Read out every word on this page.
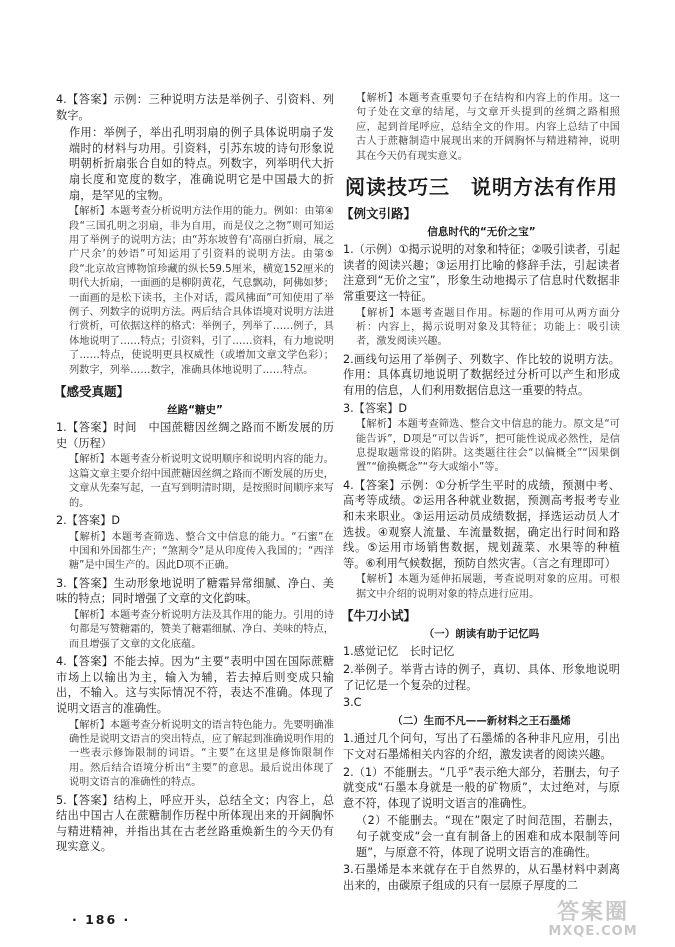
4.【答案】示例：三种说明方法是举例子、引资料、列数字。
作用：举例子，举出孔明羽扇的例子具体说明扇子发端时的材料与功用。引资料，引苏东坡的诗句形象说明朝析折扇张合自如的特点。列数字，列举明代大折扇长度和宽度的数字，准确说明它是中国最大的折扇，是罕见的宝物。
【解析】本题考查分析说明方法作用的能力。例如：由第④段“三国孔明之羽扇，非为自用，而是仪之之物”则可知运用了举例子的说明方法；由“苏东坡曾有‘高丽白折扇，展之广尺余’的妙语”可知运用了引资料的说明方法。由第⑤段“北京故宫博物馆珍藏的纵长59.5厘米，横宽152厘米的明代大折扇，一面画的是柳阴黄花，气息飘动，阿佛如梦；一面画的是松下读书，主仆对话，霞风拂面”可知使用了举例子、列数字的说明方法。两后结合具体语境对说明方法进行赏析，可依据这样的格式：举例子，列举了……例子，具体地说明了……特点；引资料，引了……资料，有力地说明了……特点，使说明更具权威性（或增加文章文学色彩）；列数字，列举……数字，准确具体地说明了……特点。
【感受真题】
丝路“糖史”
1.【答案】时间　中国蔗糖因丝绸之路而不断发展的历史（历程）
【解析】本题考查分析说明文说明顺序和说明内容的能力。这篇文章主要介绍中国蔗糖因丝绸之路而不断发展的历史，文章从先秦写起，一直写到明清时期，是按照时间顺序来写的。
2.【答案】D
【解析】本题考查筛选、整合文中信息的能力。“石蜜”在中国和外国都生产；“煞割令”是从印度传入我国的；“西洋糖”是中国生产的。因此D项不正确。
3.【答案】生动形象地说明了糖霜异常细腻、净白、美味的特点；同时增强了文章的文化韵味。
【解析】本题考查分析说明方法及其作用的能力。引用的诗句都是写赞糖霜的，赞美了糖霜细腻、净白、美味的特点，而且增强了文章的文化底蕴。
4.【答案】不能去掉。因为“主要”表明中国在国际蔗糖市场上以输出为主，输入为辅，若去掉后则变成只输出，不输入。这与实际情况不符，表达不准确。体现了说明文语言的准确性。
【解析】本题考查分析说明文的语言特色能力。先要明确准确性是说明文语言的突出特点，应了解起到准确说明作用的一些表示修饰限制的词语。“主要”在这里是修饰限制作用。然后结合语境分析出“主要”的意思。最后说出体现了说明文语言的准确性的特点。
5.【答案】结构上，呼应开头，总结全文；内容上，总结出中国古人在蔗糖制作历程中所体现出来的开阔胸怀与精进精神，并指出其在古老丝路重焕新生的今天仍有现实意义。
【解析】本题考查重要句子在结构和内容上的作用。这一句子处在文章的结尾，与文章开头提到的丝绸之路相照应，起到首尾呼应，总结全文的作用。内容上总结了中国古人于蔗糖制造中展现出来的开阔胸怀与精进精神，说明其在今天仍有现实意义。
阅读技巧三　说明方法有作用
【例文引路】
信息时代的“无价之宝”
1.（示例）①揭示说明的对象和特征；②吸引读者，引起读者的阅读兴趣；③运用打比喻的修辞手法，引起读者注意到“无价之宝”，形象生动地揭示了信息时代数据非常重要这一特征。
【解析】本题考查题目作用。标题的作用可从两方面分析：内容上，揭示说明对象及其特征；功能上：吸引读者，激发阅读兴趣。
2.画线句运用了举例子、列数字、作比较的说明方法。作用：具体真切地说明了数据经过分析可以产生和形成有用的信息，人们利用数据信息这一重要的特点。
3.【答案】D
【解析】本题考查筛选、整合文中信息的能力。原文是“可能告诉”，D项是“可以告诉”，把可能性说成必然性，是信息提取题常设的陷阱。这类题往往会“以偏概全”“因果倒置”“偷换概念”“夸大或缩小”等。
4.【答案】示例：①分析学生平时的成绩，预测中考、高考等成绩。②运用各种就业数据，预测高考报考专业和未来职业。③运用运动员成绩数据，择选运动员人才选拔。④观察人流量、车流量数据，确定出行时间和路线。⑤运用市场销售数据，规划蔬菜、水果等的种植等。⑥利用气候数据，预防自然灾害。（言之有理即可）
【解析】本题为延伸拓展题，考查说明对象的应用。可根据文中介绍的说明对象的特点进行应用。
【牛刀小试】
（一）朗读有助于记忆吗
1.感觉记忆　长时记忆
2.举例子。举背古诗的例子，真切、具体、形象地说明了记忆是一个复杂的过程。
3.C
（二）生而不凡——新材料之王石墨烯
1.通过几个问句，写出了石墨烯的各种非凡应用，引出下文对石墨烯相关内容的介绍，激发读者的阅读兴趣。
2.（1）不能删去。“几乎”表示绝大部分，若删去，句子就变成“石墨本身就是一般的矿物质”，太过绝对，与原意不符，体现了说明文语言的准确性。
（2）不能删去。“现在”限定了时间范围，若删去，句子就变成“会一直有制备上的困难和成本限制等问题”，与原意不符，体现了说明文语言的准确性。
3.石墨烯是本来就存在于自然界的，从石墨材料中剥离出来的，由碳原子组成的只有一层原子厚度的二
· 186 ·	答案圈
MXQE.COM
